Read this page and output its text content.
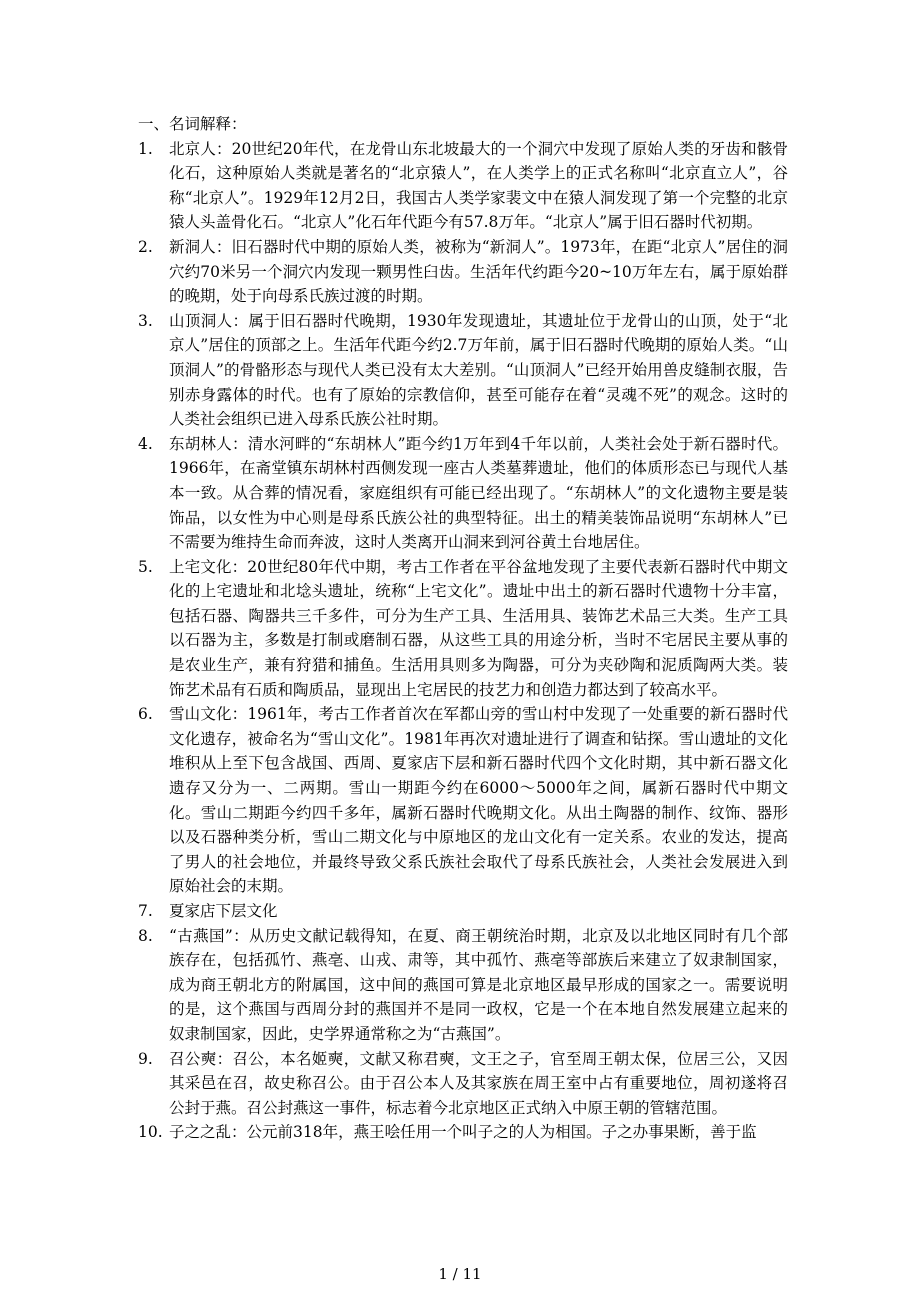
一、名词解释：

1. 北京人：20世纪20年代，在龙骨山东北坡最大的一个洞穴中发现了原始人类的牙齿和骸骨化石，这种原始人类就是著名的“北京猿人”，在人类学上的正式名称叫“北京直立人”，谷称“北京人”。1929年12月2日，我国古人类学家裴文中在猿人洞发现了第一个完整的北京猿人头盖骨化石。“北京人”化石年代距今有57.8万年。“北京人”属于旧石器时代初期。
2. 新洞人：旧石器时代中期的原始人类，被称为“新洞人”。1973年，在距“北京人”居住的洞穴约70米另一个洞穴内发现一颗男性臼齿。生活年代约距今20~10万年左右，属于原始群的晚期，处于向母系氏族过渡的时期。
3. 山顶洞人：属于旧石器时代晚期，1930年发现遗址，其遗址位于龙骨山的山顶，处于“北京人”居住的顶部之上。生活年代距今约2.7万年前，属于旧石器时代晚期的原始人类。“山顶洞人”的骨骼形态与现代人类已没有太大差别。“山顶洞人”已经开始用兽皮缝制衣服，告别赤身露体的时代。也有了原始的宗教信仰，甚至可能存在着“灵魂不死”的观念。这时的人类社会组织已进入母系氏族公社时期。
4. 东胡林人：清水河畔的“东胡林人”距今约1万年到4千年以前，人类社会处于新石器时代。1966年，在斋堂镇东胡林村西侧发现一座古人类墓葬遗址，他们的体质形态已与现代人基本一致。从合葬的情况看，家庭组织有可能已经出现了。“东胡林人”的文化遗物主要是装饰品，以女性为中心则是母系氏族公社的典型特征。出土的精美装饰品说明“东胡林人”已不需要为维持生命而奔波，这时人类离开山洞来到河谷黄土台地居住。
5. 上宅文化：20世纪80年代中期，考古工作者在平谷盆地发现了主要代表新石器时代中期文化的上宅遗址和北埝头遗址，统称“上宅文化”。遗址中出土的新石器时代遗物十分丰富，包括石器、陶器共三千多件，可分为生产工具、生活用具、装饰艺术品三大类。生产工具以石器为主，多数是打制或磨制石器，从这些工具的用途分析，当时不宅居民主要从事的是农业生产，兼有狩猎和捕鱼。生活用具则多为陶器，可分为夹砂陶和泥质陶两大类。装饰艺术品有石质和陶质品，显现出上宅居民的技艺力和创造力都达到了较高水平。
6. 雪山文化：1961年，考古工作者首次在军都山旁的雪山村中发现了一处重要的新石器时代文化遗存，被命名为“雪山文化”。1981年再次对遗址进行了调查和钻探。雪山遗址的文化堆积从上至下包含战国、西周、夏家店下层和新石器时代四个文化时期，其中新石器文化遗存又分为一、二两期。雪山一期距今约在6000～5000年之间，属新石器时代中期文化。雪山二期距今约四千多年，属新石器时代晚期文化。从出土陶器的制作、纹饰、器形以及石器种类分析，雪山二期文化与中原地区的龙山文化有一定关系。农业的发达，提高了男人的社会地位，并最终导致父系氏族社会取代了母系氏族社会，人类社会发展进入到原始社会的末期。
7. 夏家店下层文化
8. “古燕国”：从历史文献记载得知，在夏、商王朝统治时期，北京及以北地区同时有几个部族存在，包括孤竹、燕亳、山戎、肃等，其中孤竹、燕亳等部族后来建立了奴隶制国家，成为商王朝北方的附属国，这中间的燕国可算是北京地区最早形成的国家之一。需要说明的是，这个燕国与西周分封的燕国并不是同一政权，它是一个在本地自然发展建立起来的奴隶制国家，因此，史学界通常称之为“古燕国”。
9. 召公奭：召公，本名姬奭，文献又称君奭，文王之子，官至周王朝太保，位居三公，又因其采邑在召，故史称召公。由于召公本人及其家族在周王室中占有重要地位，周初遂将召公封于燕。召公封燕这一事件，标志着今北京地区正式纳入中原王朝的管辖范围。
10. 子之之乱：公元前318年，燕王哙任用一个叫子之的人为相国。子之办事果断，善于监
1 / 11
